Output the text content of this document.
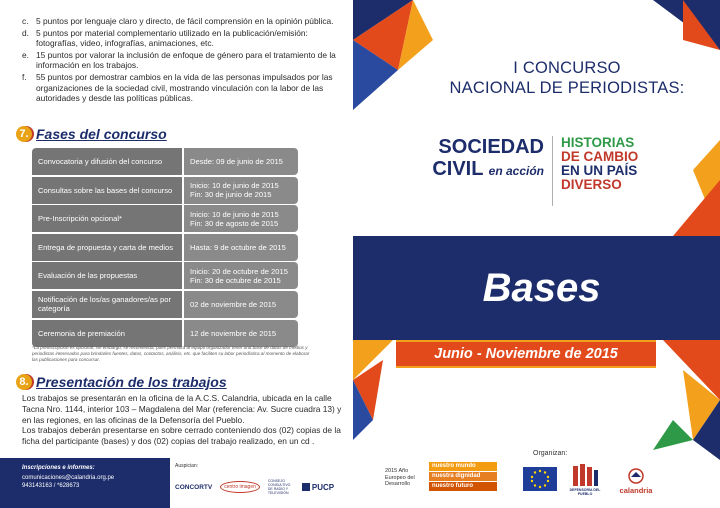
c. 5 puntos por lenguaje claro y directo, de fácil comprensión en la opinión pública.
d. 5 puntos por material complementario utilizado en la publicación/emisión: fotografías, video, infografías, animaciones, etc.
e. 15 puntos por valorar la inclusión de enfoque de género para el tratamiento de la información en los trabajos.
f.	55 puntos por demostrar cambios en la vida de las personas impulsados por las organizaciones de la sociedad civil, mostrando vinculación con la labor de las autoridades y desde las políticas públicas.
7. Fases del concurso
Convocatoria y difusión del concurso	Desde: 09 de junio de 2015
Consultas sobre las bases del concurso	Inicio: 10 de junio de 2015
Fin: 30 de junio de 2015
Pre-Inscripción opcional*	Inicio: 10 de junio de 2015
Fin: 30 de agosto de 2015
Entrega de propuesta y carta de medios	Hasta: 9 de octubre de 2015
Evaluación de las propuestas	Inicio: 20 de octubre de 2015
Fin: 30 de octubre de 2015
Notificación de los/as ganadores/as por categoría	02 de noviembre de 2015
Ceremonia de premiación	12 de noviembre de 2015
*La preinscripción es opcional; sin embargo, se recomienda, pues permitirá al equipo organizador tener una base de datos de medios y periodistas interesados para brindarles fuentes, datos, contactos, análisis, etc. que faciliten su labor periodística al momento de elaborar las publicaciones para concursar.
8. Presentación de los trabajos
Los trabajos se presentarán en la oficina de la A.C.S. Calandria, ubicada en la calle Tacna Nro. 1144, interior 103 – Magdalena del Mar (referencia: Av. Sucre cuadra 13) y en las regiones, en las oficinas de la Defensoría del Pueblo.
Los trabajos deberán presentarse en sobre cerrado conteniendo dos (02) copias de la ficha del participante (bases) y dos (02) copias del trabajo realizado, en un cd .
Inscripciones e informes:
comunicaciones@calandria.org.pe
943143163 / *628673
Auspician:
CONCORTV	centro imagen
CONSEJO CONSULTIVO DE RADIO Y TELEVISIÓN
PUCP
I CONCURSO
NACIONAL DE PERIODISTAS:
SOCIEDAD
CIVIL en acción
HISTORIAS
DE CAMBIO
EN UN PAÍS
DIVERSO
Bases
Junio - Noviembre de 2015
Organizan:
2015 Año Europeo del Desarrollo
nuestro mundo
nuestra dignidad
nuestro futuro
DEFENSORÍA DEL PUEBLO	calandria
